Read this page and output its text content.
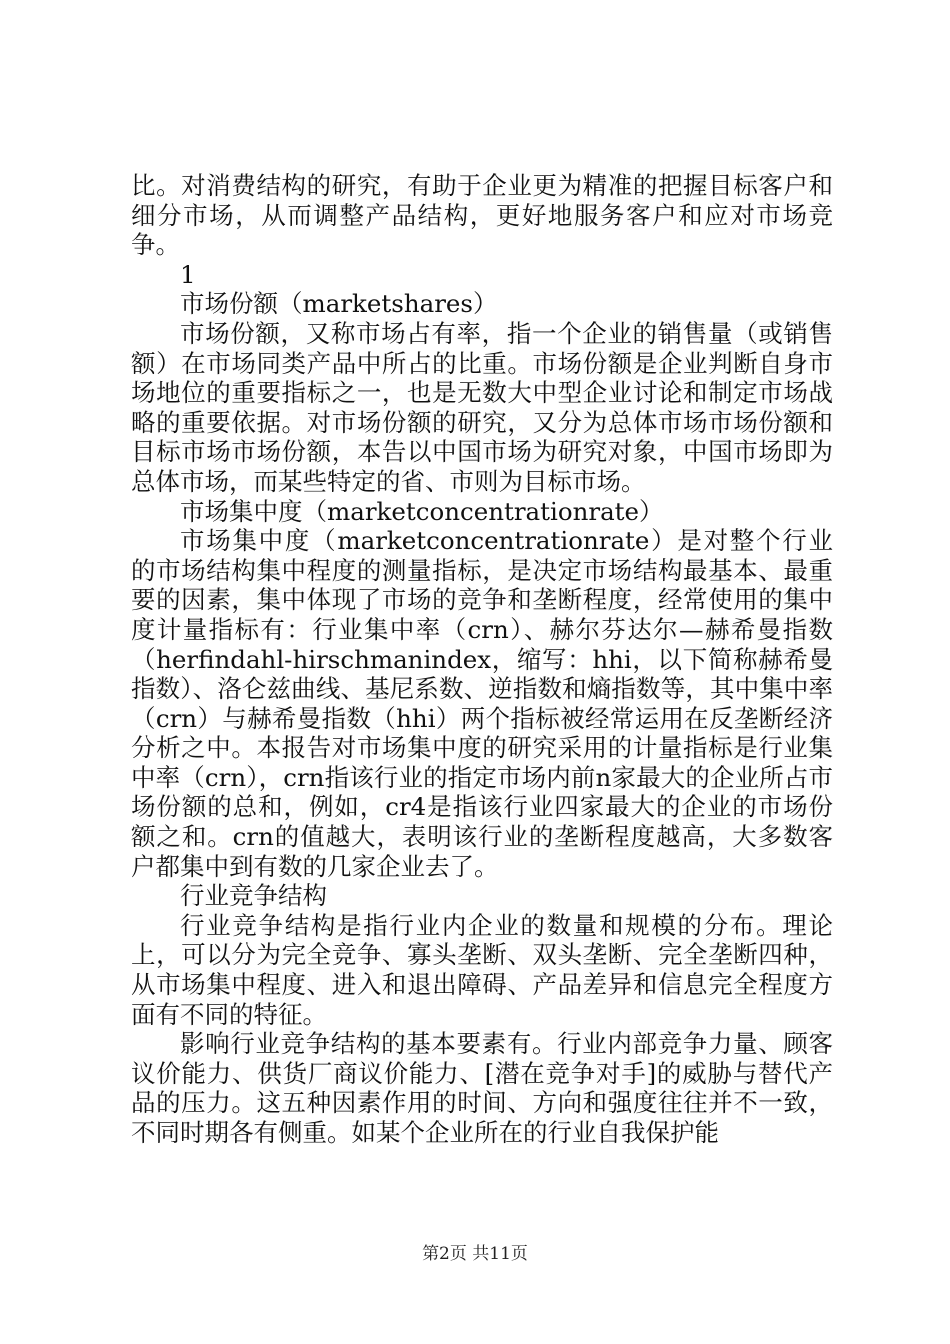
比。对消费结构的研究，有助于企业更为精准的把握目标客户和细分市场，从而调整产品结构，更好地服务客户和应对市场竞争。

1

市场份额（marketshares）

市场份额，又称市场占有率，指一个企业的销售量（或销售额）在市场同类产品中所占的比重。市场份额是企业判断自身市场地位的重要指标之一，也是无数大中型企业讨论和制定市场战略的重要依据。对市场份额的研究，又分为总体市场市场份额和目标市场市场份额，本告以中国市场为研究对象，中国市场即为总体市场，而某些特定的省、市则为目标市场。

市场集中度（marketconcentrationrate）

市场集中度（marketconcentrationrate）是对整个行业的市场结构集中程度的测量指标，是决定市场结构最基本、最重要的因素，集中体现了市场的竞争和垄断程度，经常使用的集中度计量指标有：行业集中率（crn）、赫尔芬达尔—赫希曼指数（herfindahl-hirschmanindex，缩写：hhi，以下简称赫希曼指数）、洛仑兹曲线、基尼系数、逆指数和熵指数等，其中集中率（crn）与赫希曼指数（hhi）两个指标被经常运用在反垄断经济分析之中。本报告对市场集中度的研究采用的计量指标是行业集中率（crn），crn指该行业的指定市场内前n家最大的企业所占市场份额的总和，例如，cr4是指该行业四家最大的企业的市场份额之和。crn的值越大，表明该行业的垄断程度越高，大多数客户都集中到有数的几家企业去了。

行业竞争结构

行业竞争结构是指行业内企业的数量和规模的分布。理论上，可以分为完全竞争、寡头垄断、双头垄断、完全垄断四种，从市场集中程度、进入和退出障碍、产品差异和信息完全程度方面有不同的特征。

影响行业竞争结构的基本要素有。行业内部竞争力量、顾客议价能力、供货厂商议价能力、[潜在竞争对手]的威胁与替代产品的压力。这五种因素作用的时间、方向和强度往往并不一致，不同时期各有侧重。如某个企业所在的行业自我保护能

第2页 共11页
